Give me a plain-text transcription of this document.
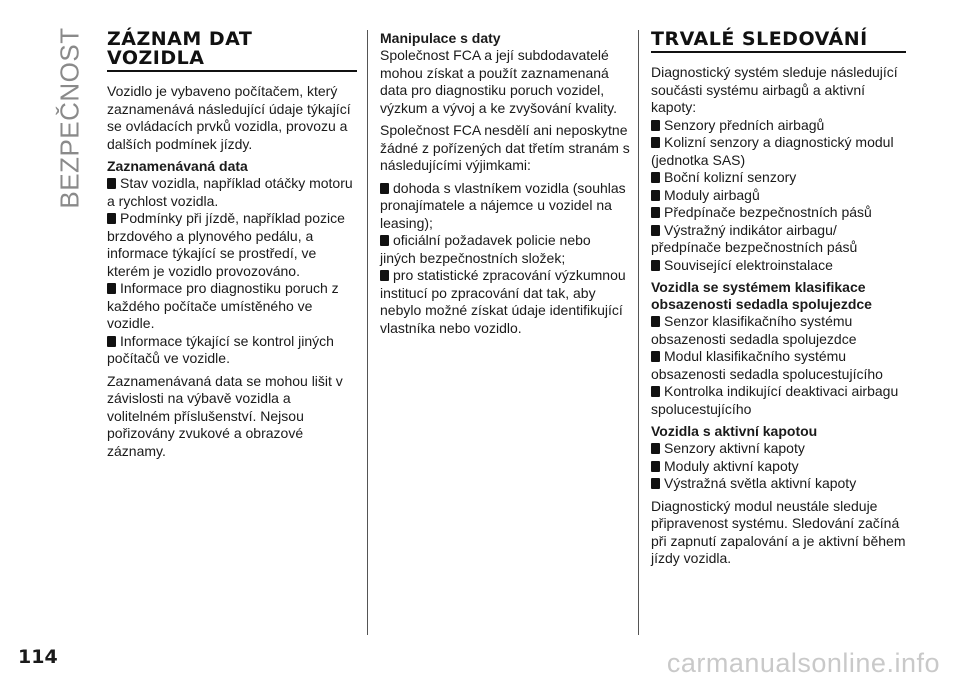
BEZPEČNOST ZÁZNAM DAT
VOZIDLA

Vozidlo je vybaveno počítačem, který zaznamenává následující údaje týkající se ovládacích prvků vozidla, provozu a dalších podmínek jízdy.

Zaznamenávaná data
Stav vozidla, například otáčky motoru a rychlost vozidla.
Podmínky při jízdě, například pozice brzdového a plynového pedálu, a informace týkající se prostředí, ve kterém je vozidlo provozováno.
Informace pro diagnostiku poruch z každého počítače umístěného ve vozidle.
Informace týkající se kontrol jiných počítačů ve vozidle.

Zaznamenávaná data se mohou lišit v závislosti na výbavě vozidla a volitelném příslušenství. Nejsou pořizovány zvukové a obrazové záznamy.

Manipulace s daty

Společnost FCA a její subdodavatelé mohou získat a použít zaznamenaná data pro diagnostiku poruch vozidel, výzkum a vývoj a ke zvyšování kvality.

Společnost FCA nesdělí ani neposkytne žádné z pořízených dat třetím stranám s následujícími výjimkami:

dohoda s vlastníkem vozidla (souhlas pronajímatele a nájemce u vozidel na leasing);
oficiální požadavek policie nebo jiných bezpečnostních složek;
pro statistické zpracování výzkumnou institucí po zpracování dat tak, aby nebylo možné získat údaje identifikující vlastníka nebo vozidlo.
TRVALÉ SLEDOVÁNÍ

Diagnostický systém sleduje následující součásti systému airbagů a aktivní kapoty:

Senzory předních airbagů
Kolizní senzory a diagnostický modul (jednotka SAS)
Boční kolizní senzory
Moduly airbagů
Předpínače bezpečnostních pásů
Výstražný indikátor airbagu/ předpínače bezpečnostních pásů
Související elektroinstalace
Vozidla se systémem klasifikace obsazenosti sedadla spolujezdce
Senzor klasifikačního systému obsazenosti sedadla spolujezdce
Modul klasifikačního systému obsazenosti sedadla spolucestujícího
Kontrolka indikující deaktivaci airbagu spolucestujícího
Vozidla s aktivní kapotou
Senzory aktivní kapoty
Moduly aktivní kapoty
Výstražná světla aktivní kapoty

Diagnostický modul neustále sleduje připravenost systému. Sledování začíná při zapnutí zapalování a je aktivní během jízdy vozidla.

114	carmanualsonline.info
